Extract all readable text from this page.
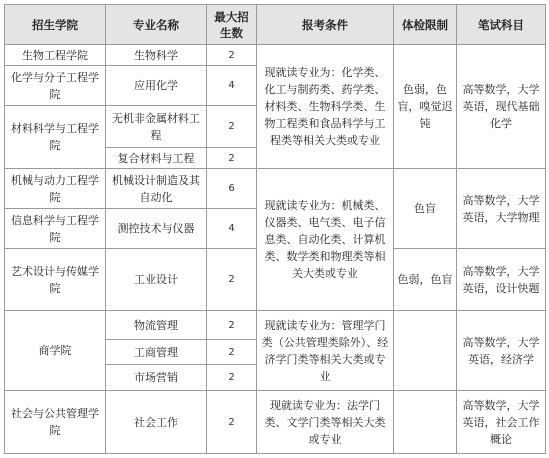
招生学院	专业名称	最大招生数	报考条件	体检限制	笔试科目
生物工程学院	生物科学	2	现就读专业为：化学类、化工与制药类、药学类、材料类、生物科学类、生物工程类和食品科学与工程类等相关大类或专业	色弱，色盲，嗅觉迟钝	高等数学，大学英语，现代基础化学
化学与分子工程学院	应用化学	4			
材料科学与工程学院	无机非金属材料工程	2			
	复合材料与工程	2			

机械与动力工程学院	机械设计制造及其自动化	6	现就读专业为：机械类、仪器类、电气类、电子信息类、自动化类、计算机类、数学类和物理类等相关大类或专业	色盲	高等数学，大学英语，大学物理
信息科学与工程学院	测控技术与仪器	4			
艺术设计与传媒学院	工业设计	2		色弱，色盲	高等数学，大学英语，设计快题
商学院	物流管理	2	现就读专业为：管理学门类（公共管理类除外）、经济学门类等相关大类或专业		高等数学，大学英语，经济学
	工商管理	2			
	市场营销	2			
社会与公共管理学院	社会工作	2	现就读专业为：法学门类、文学门类等相关大类或专业		高等数学，大学英语，社会工作概论
